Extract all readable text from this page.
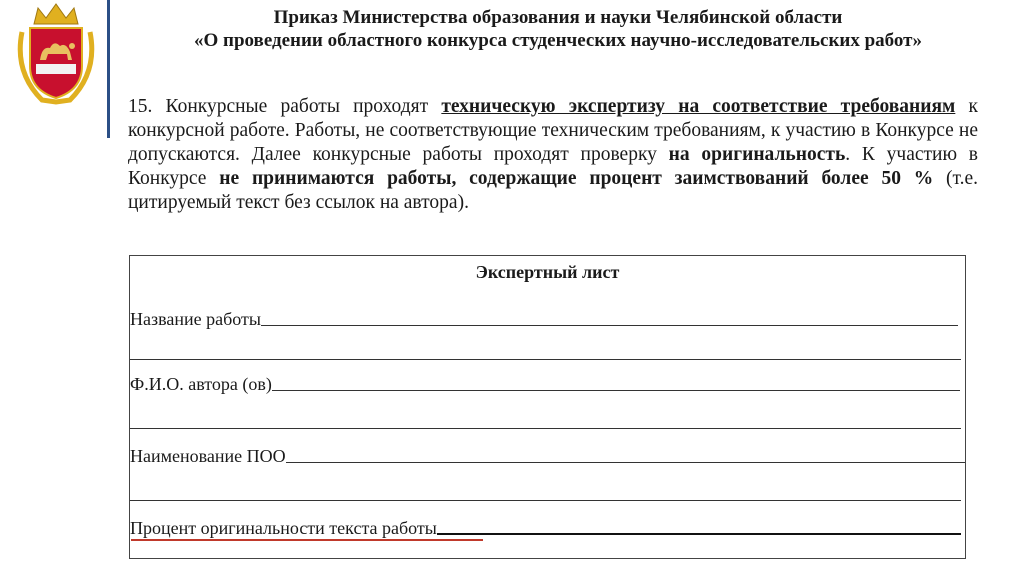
Приказ Министерства образования и науки Челябинской области
«О проведении областного конкурса студенческих научно-исследовательских работ»
15. Конкурсные работы проходят техническую экспертизу на соответствие требованиям к конкурсной работе. Работы, не соответствующие техническим требованиям, к участию в Конкурсе не допускаются. Далее конкурсные работы проходят проверку на оригинальность. К участию в Конкурсе не принимаются работы, содержащие процент заимствований более 50 % (т.е. цитируемый текст без ссылок на автора).
Экспертный лист
Название работы
Ф.И.О. автора (ов)
Наименование ПОО
Процент оригинальности текста работы
